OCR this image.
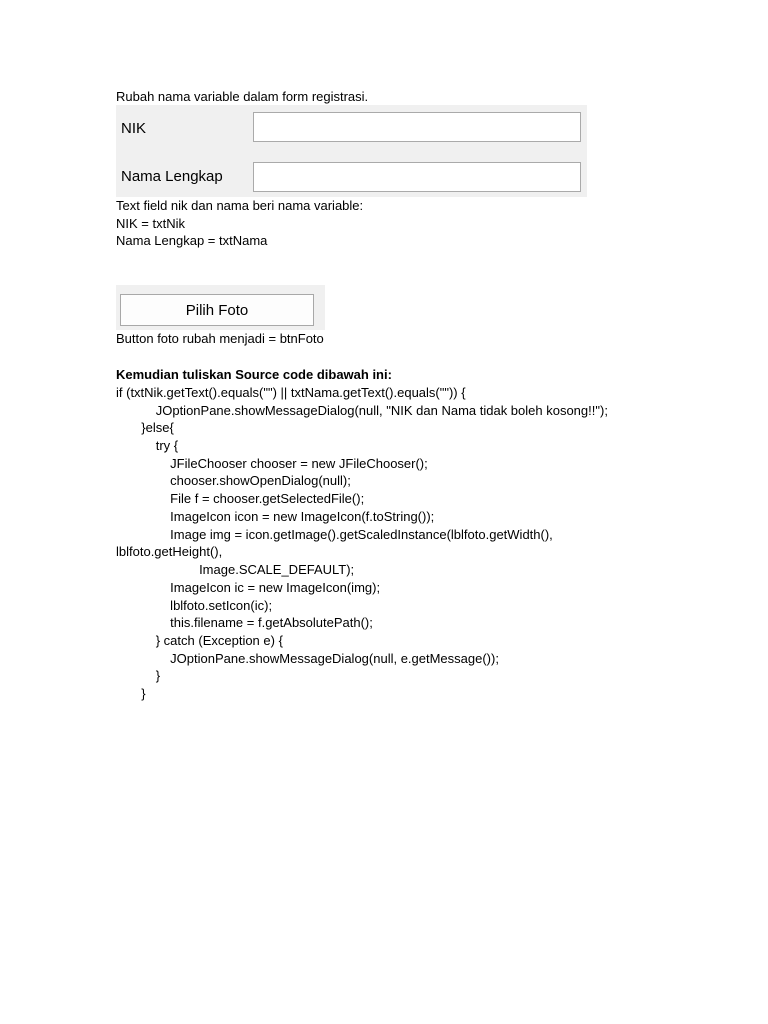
Rubah nama variable dalam form registrasi.
NIK
Nama Lengkap
Text field nik dan nama beri nama variable:
NIK = txtNik
Nama Lengkap = txtNama
Pilih Foto
Button foto rubah menjadi = btnFoto
Kemudian tuliskan Source code dibawah ini:
if (txtNik.getText().equals("") || txtNama.getText().equals("")) {
JOptionPane.showMessageDialog(null, "NIK dan Nama tidak boleh kosong!!");
}else{
try {
JFileChooser chooser = new JFileChooser();
chooser.showOpenDialog(null);
File f = chooser.getSelectedFile();
ImageIcon icon = new ImageIcon(f.toString());
Image img = icon.getImage().getScaledInstance(lblfoto.getWidth(),
lblfoto.getHeight(),
Image.SCALE_DEFAULT);
ImageIcon ic = new ImageIcon(img);
lblfoto.setIcon(ic);
this.filename = f.getAbsolutePath();
} catch (Exception e) {
JOptionPane.showMessageDialog(null, e.getMessage());
}
}
